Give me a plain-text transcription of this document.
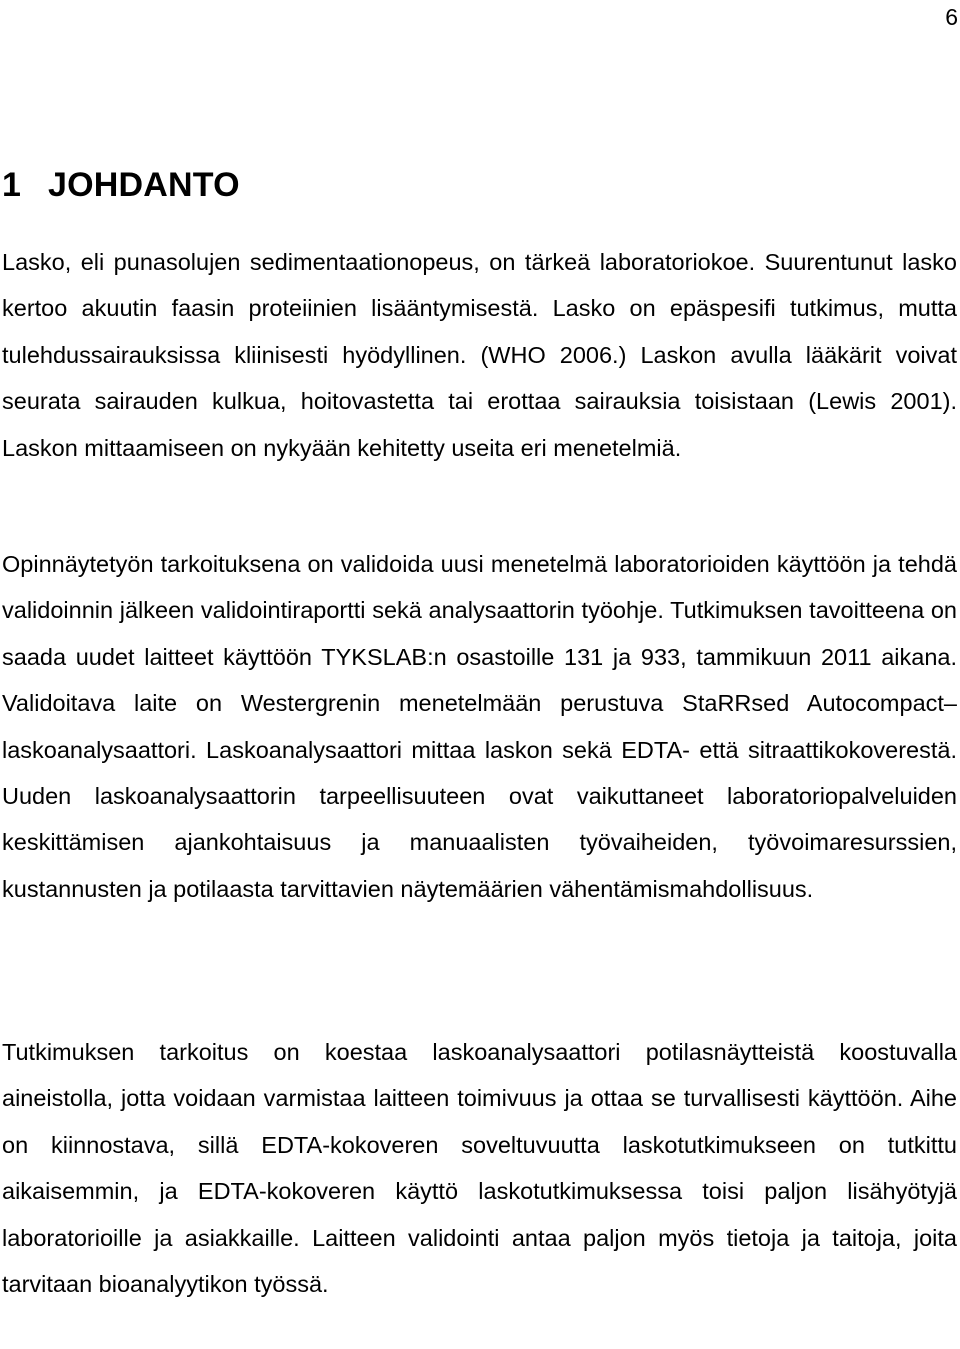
6
1 JOHDANTO

Lasko, eli punasolujen sedimentaationopeus, on tärkeä laboratoriokoe. Suurentunut lasko kertoo akuutin faasin proteiinien lisääntymisestä. Lasko on epäspesifi tutkimus, mutta tulehdussairauksissa kliinisesti hyödyllinen. (WHO 2006.) Laskon avulla lääkärit voivat seurata sairauden kulkua, hoitovastetta tai erottaa sairauksia toisistaan (Lewis 2001). Laskon mittaamiseen on nykyään kehitetty useita eri menetelmiä.

Opinnäytetyön tarkoituksena on validoida uusi menetelmä laboratorioiden käyttöön ja tehdä validoinnin jälkeen validointiraportti sekä analysaattorin työohje. Tutkimuksen tavoitteena on saada uudet laitteet käyttöön TYKSLAB:n osastoille 131 ja 933, tammikuun 2011 aikana. Validoitava laite on Westergrenin menetelmään perustuva StaRRsed Autocompact– laskoanalysaattori. Laskoanalysaattori mittaa laskon sekä EDTA- että sitraattikokoverestä. Uuden laskoanalysaattorin tarpeellisuuteen ovat vaikuttaneet laboratoriopalveluiden keskittämisen ajankohtaisuus ja manuaalisten työvaiheiden, työvoimaresurssien, kustannusten ja potilaasta tarvittavien näytemäärien vähentämismahdollisuus.

Tutkimuksen tarkoitus on koestaa laskoanalysaattori potilasnäytteistä koostuvalla aineistolla, jotta voidaan varmistaa laitteen toimivuus ja ottaa se turvallisesti käyttöön. Aihe on kiinnostava, sillä EDTA-kokoveren soveltuvuutta laskotutkimukseen on tutkittu aikaisemmin, ja EDTA-kokoveren käyttö laskotutkimuksessa toisi paljon lisähyötyjä laboratorioille ja asiakkaille. Laitteen validointi antaa paljon myös tietoja ja taitoja, joita tarvitaan bioanalyytikon työssä.
